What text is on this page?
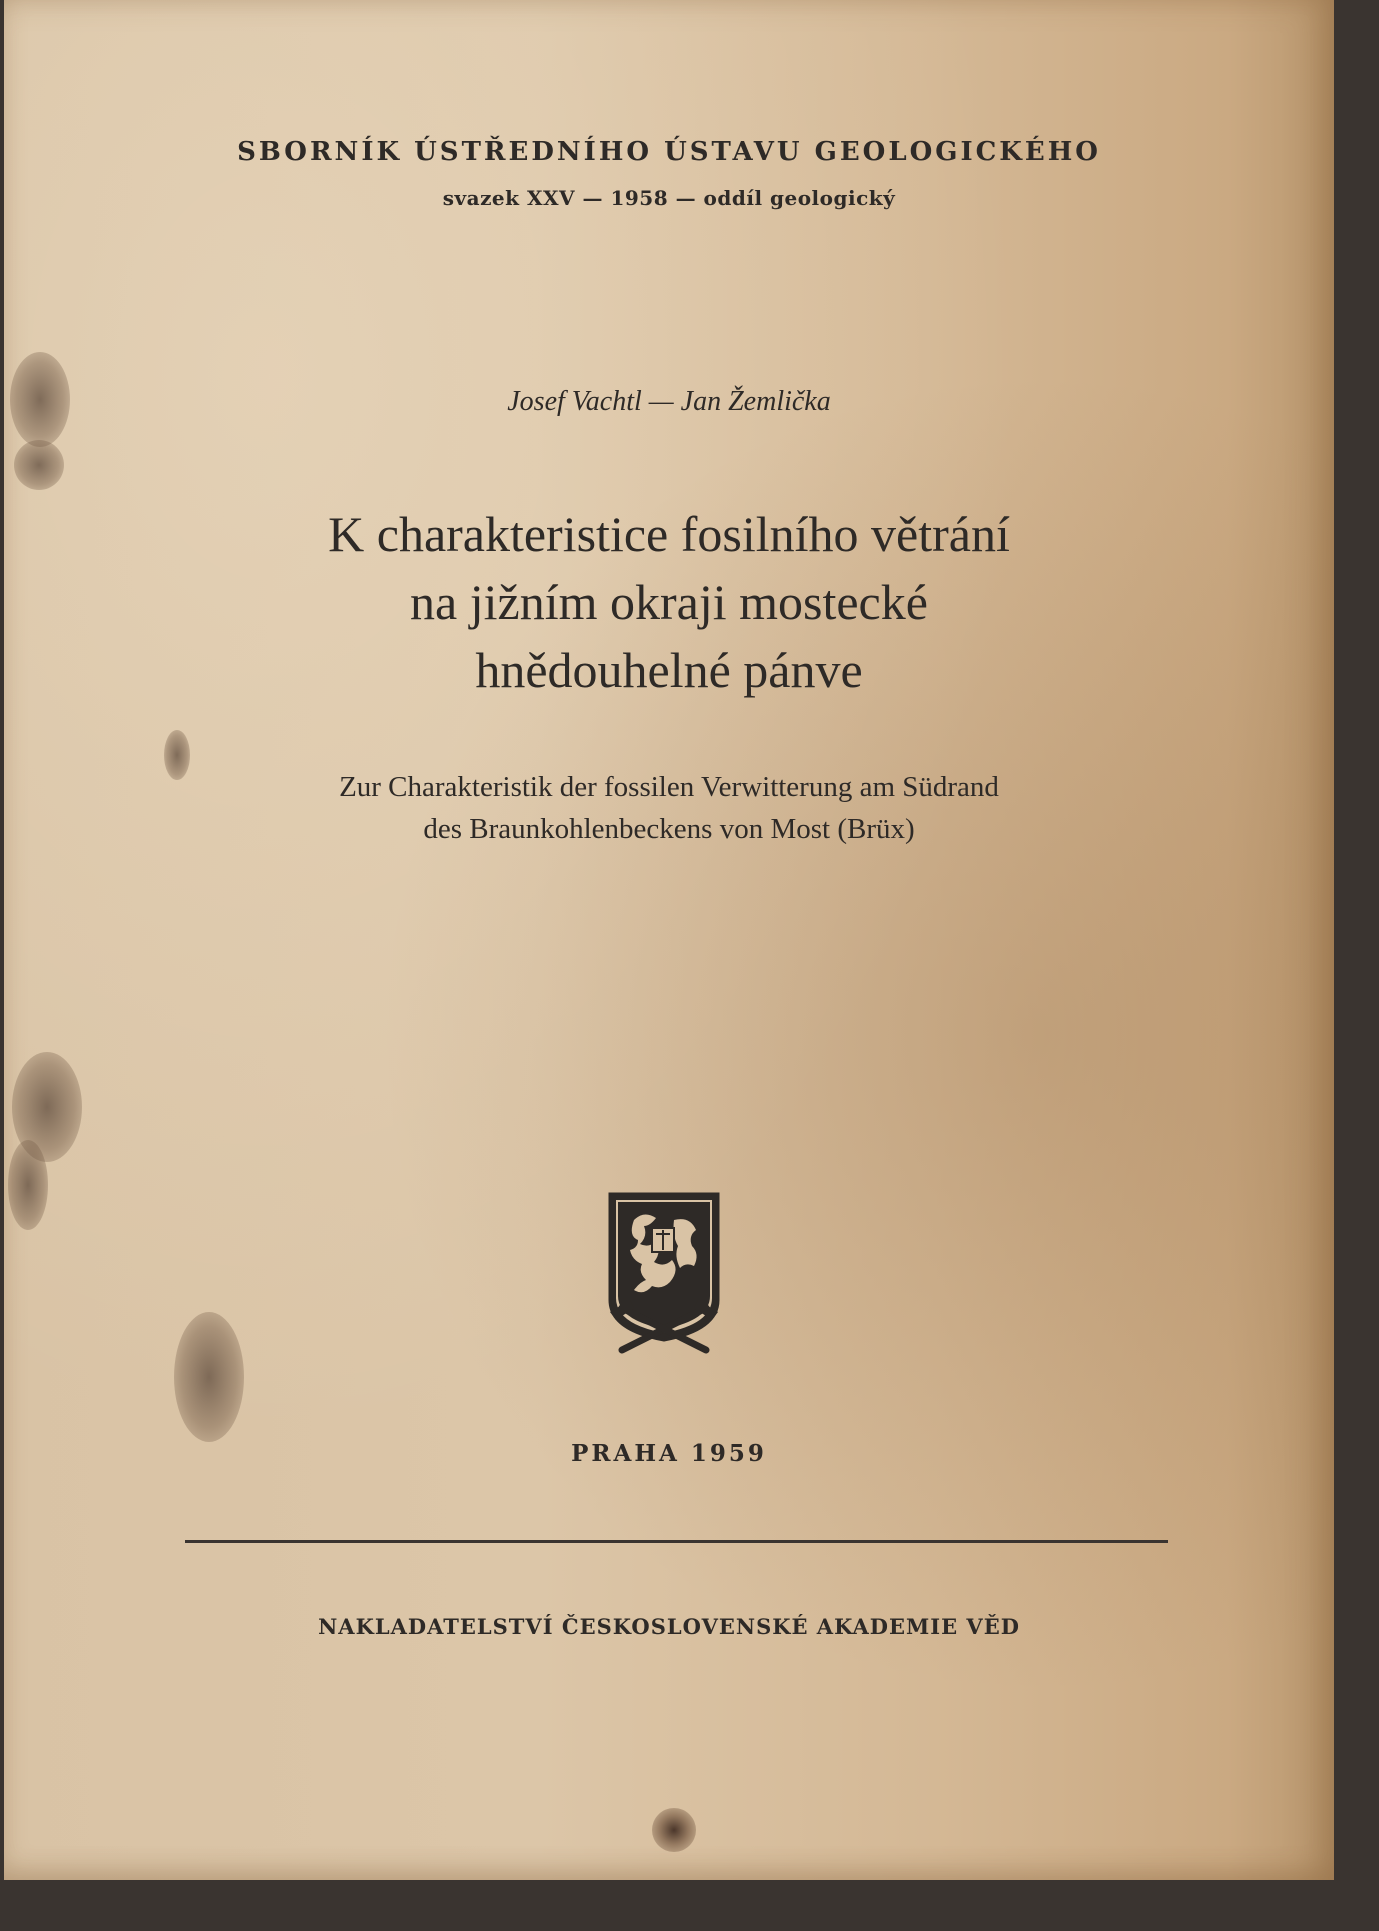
SBORNÍK ÚSTŘEDNÍHO ÚSTAVU GEOLOGICKÉHO
svazek XXV — 1958 — oddíl geologický
Josef Vachtl — Jan Žemlička
K charakteristice fosilního větrání
na jižním okraji mostecké
hnědouhelné pánve
Zur Charakteristik der fossilen Verwitterung am Südrand
des Braunkohlenbeckens von Most (Brüx)
PRAHA 1959
NAKLADATELSTVÍ ČESKOSLOVENSKÉ AKADEMIE VĚD
